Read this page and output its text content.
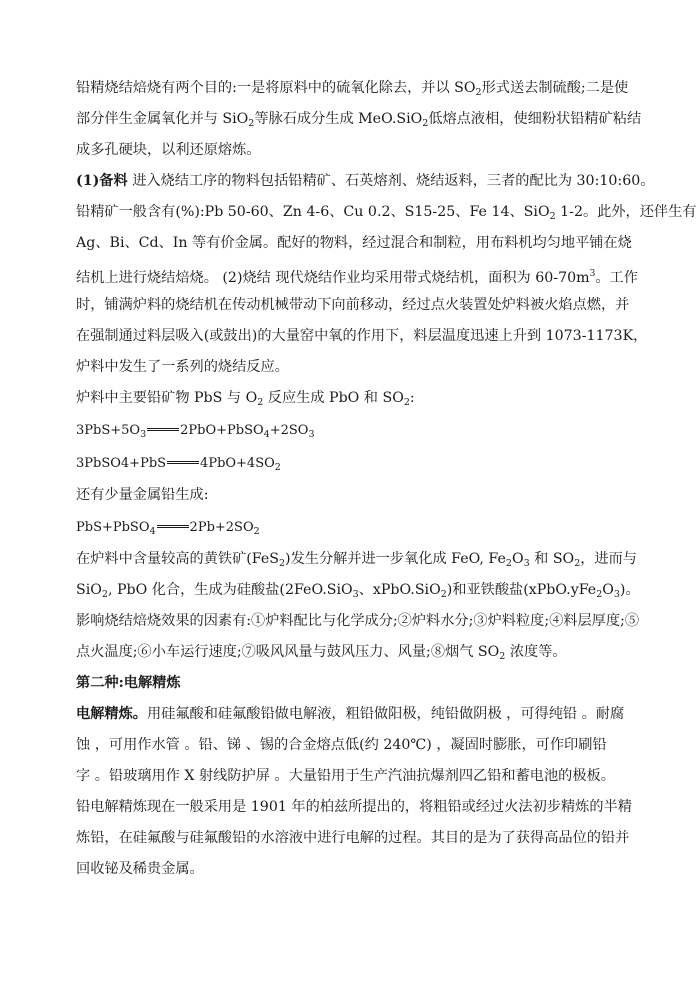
铅精烧结焙烧有两个目的:一是将原料中的硫氧化除去，并以 $SO_2$形式送去制硫酸;二是使
部分伴生金属氧化并与 SiO$_2$等脉石成分生成 MeO.SiO$_2$低熔点液相，使细粉状铅精矿粘结
成多孔硬块，以利还原熔炼。
(1)备料 进入烧结工序的物料包括铅精矿、石英熔剂、烧结返料，三者的配比为 30:10:60。
铅精矿一般含有(%):Pb 50-60、Zn 4-6、Cu 0.2、S15-25、Fe 14、SiO$_2$ 1-2。此外，还伴生有
Ag、Bi、Cd、In 等有价金属。配好的物料，经过混合和制粒，用布料机均匀地平铺在烧
结机上进行烧结焙烧。 (2)烧结 现代烧结作业均采用带式烧结机，面积为 $60-70m^3$。工作
时，铺满炉料的烧结机在传动机械带动下向前移动，经过点火装置处炉料被火焰点燃，并
在强制通过料层吸入(或鼓出)的大量窑中氧的作用下，料层温度迅速上升到 1073-1173K，
炉料中发生了一系列的烧结反应。
炉料中主要铅矿物 PbS 与 $O_2$ 反应生成 PbO 和 $SO_2$:
$3PbS+5O_3$	$2PbO+PbSO_4+2SO_3$
3PbSO4+PbS	$4PbO+4SO_2$
还有少量金属铅生成:
PbS+PbSO$_4$	$2Pb+2SO_2$
在炉料中含量较高的黄铁矿(FeS$_2$)发生分解并进一步氧化成 FeO, $Fe_2O_3$ 和 $SO_2$，进而与
SiO$_2$, PbO 化合，生成为硅酸盐(2FeO.SiO$_3$、xPbO.SiO$_2$)和亚铁酸盐$(xPbO.yFe_2O_3)$。
影响烧结焙烧效果的因素有:①炉料配比与化学成分;②炉料水分;③炉料粒度;④料层厚度;⑤
点火温度;⑥小车运行速度;⑦吸风风量与鼓风压力、风量;⑧烟气 $SO_2$ 浓度等。
第二种:电解精炼
电解精炼。用硅氟酸和硅氟酸铅做电解液，粗铅做阳极，纯铅做阴极 ，可得纯铅 。耐腐
蚀 ，可用作水管 。铅、锑 、锡的合金熔点低(约 240℃) ，凝固时膨胀，可作印刷铅
字 。铅玻璃用作 X 射线防护屏 。大量铅用于生产汽油抗爆剂四乙铅和蓄电池的极板。
铅电解精炼现在一般采用是 1901 年的柏兹所提出的，将粗铅或经过火法初步精炼的半精
炼铅，在硅氟酸与硅氟酸铅的水溶液中进行电解的过程。其目的是为了获得高品位的铅并
回收铋及稀贵金属。
